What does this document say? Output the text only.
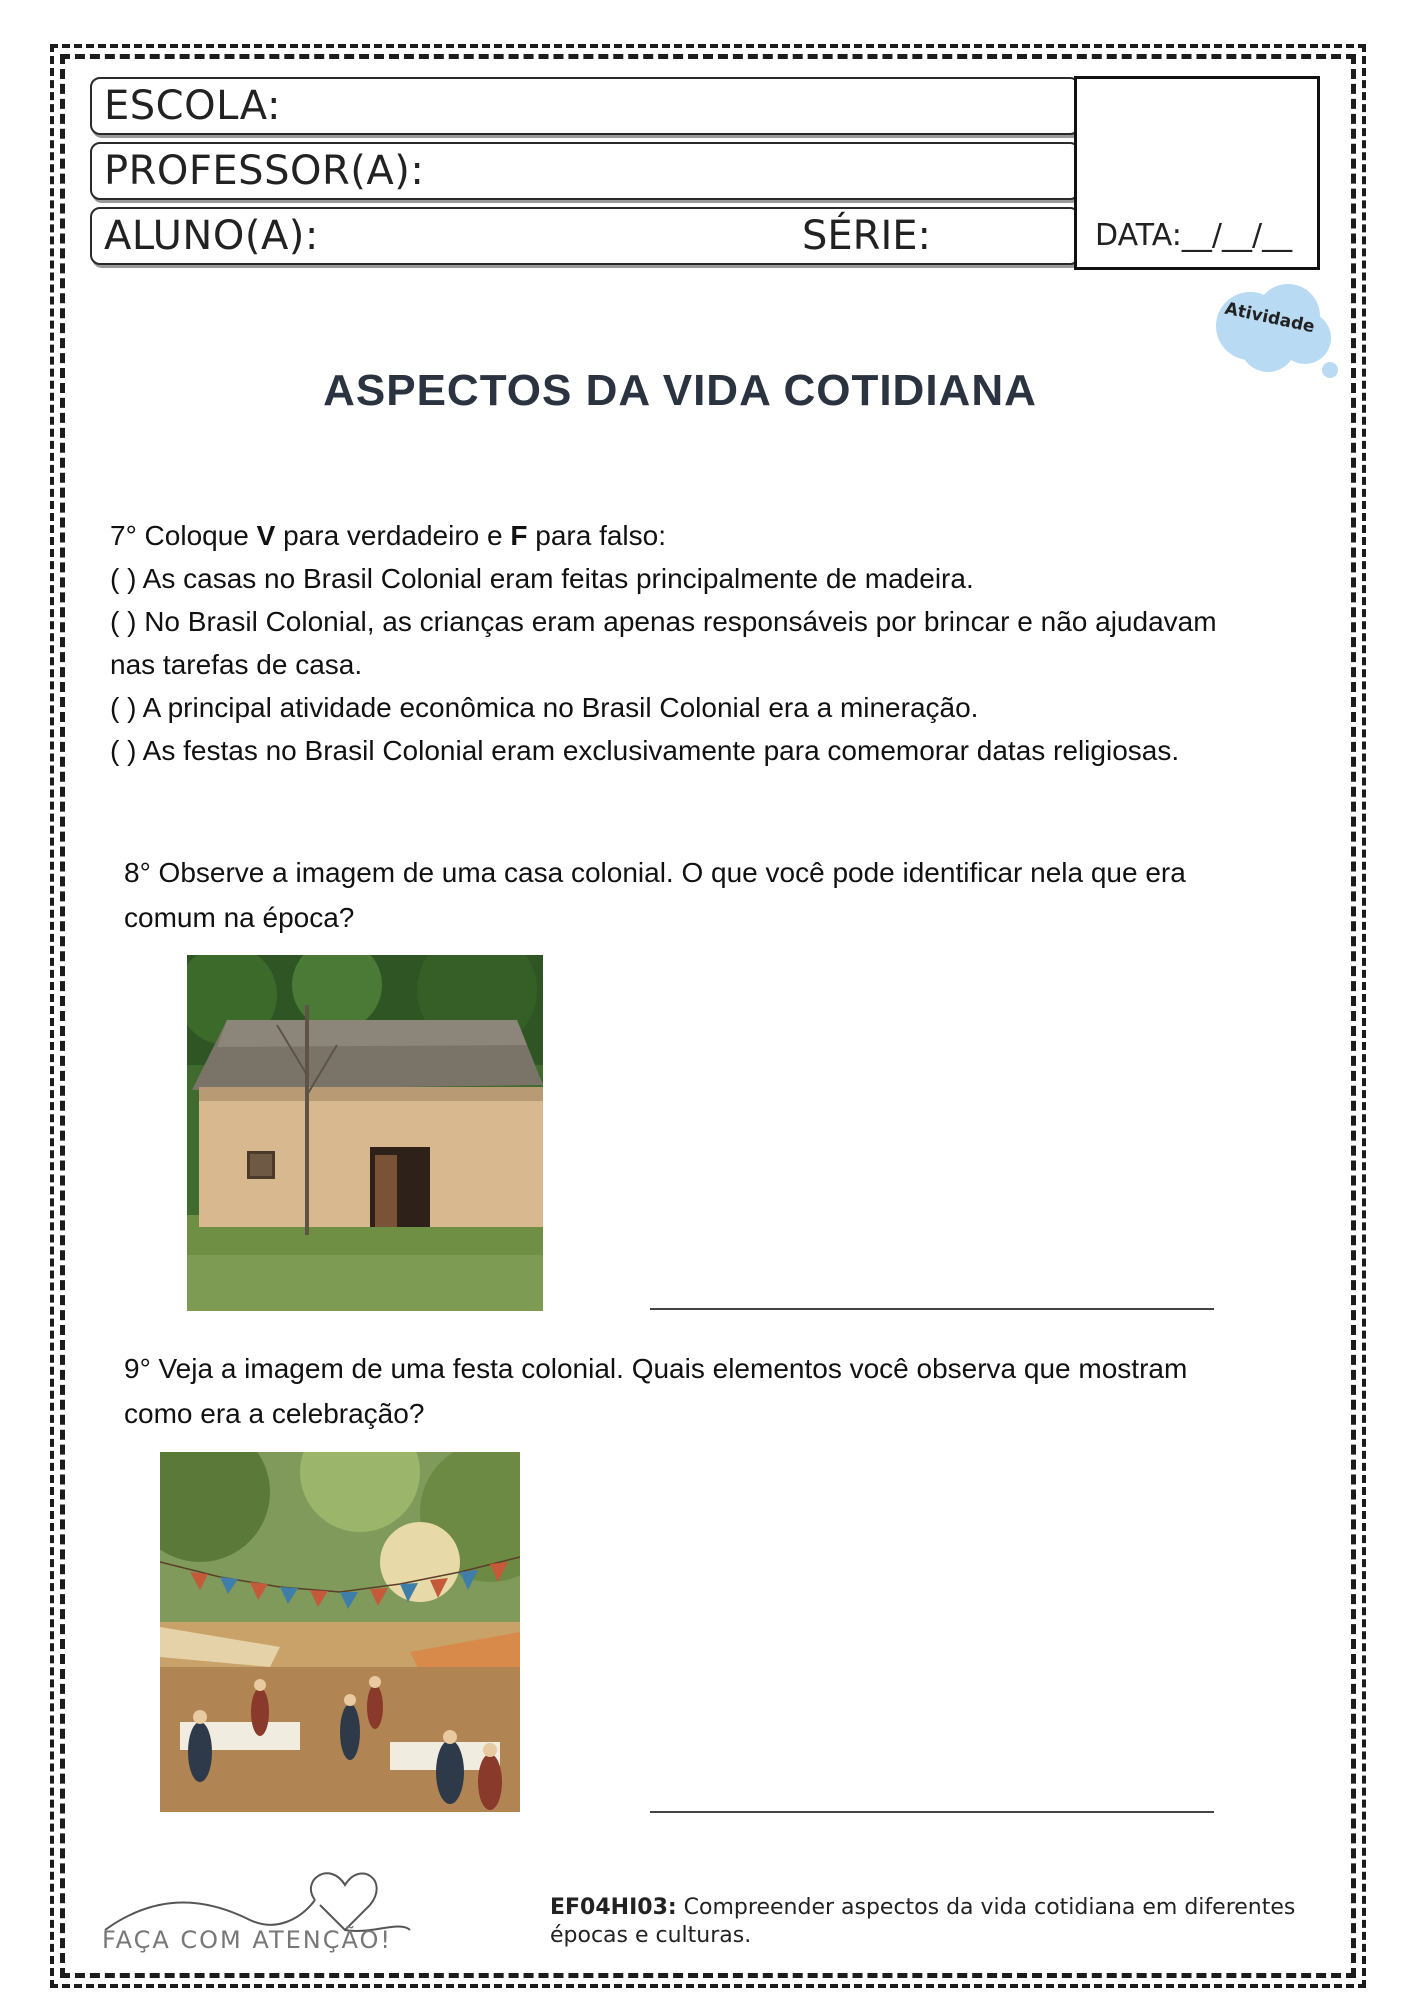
ESCOLA:
PROFESSOR(A):
ALUNO(A):	SÉRIE:	DATA:__/__/__
Atividade
ASPECTOS DA VIDA COTIDIANA

7° Coloque V para verdadeiro e F para falso:

( ) As casas no Brasil Colonial eram feitas principalmente de madeira.

( ) No Brasil Colonial, as crianças eram apenas responsáveis por brincar e não ajudavam nas tarefas de casa.

( ) A principal atividade econômica no Brasil Colonial era a mineração.

( ) As festas no Brasil Colonial eram exclusivamente para comemorar datas religiosas.

8° Observe a imagem de uma casa colonial. O que você pode identificar nela que era comum na época?
9° Veja a imagem de uma festa colonial. Quais elementos você observa que mostram como era a celebração?
FAÇA COM ATENÇÃO!
EF04HI03: Compreender aspectos da vida cotidiana em diferentes épocas e culturas.
